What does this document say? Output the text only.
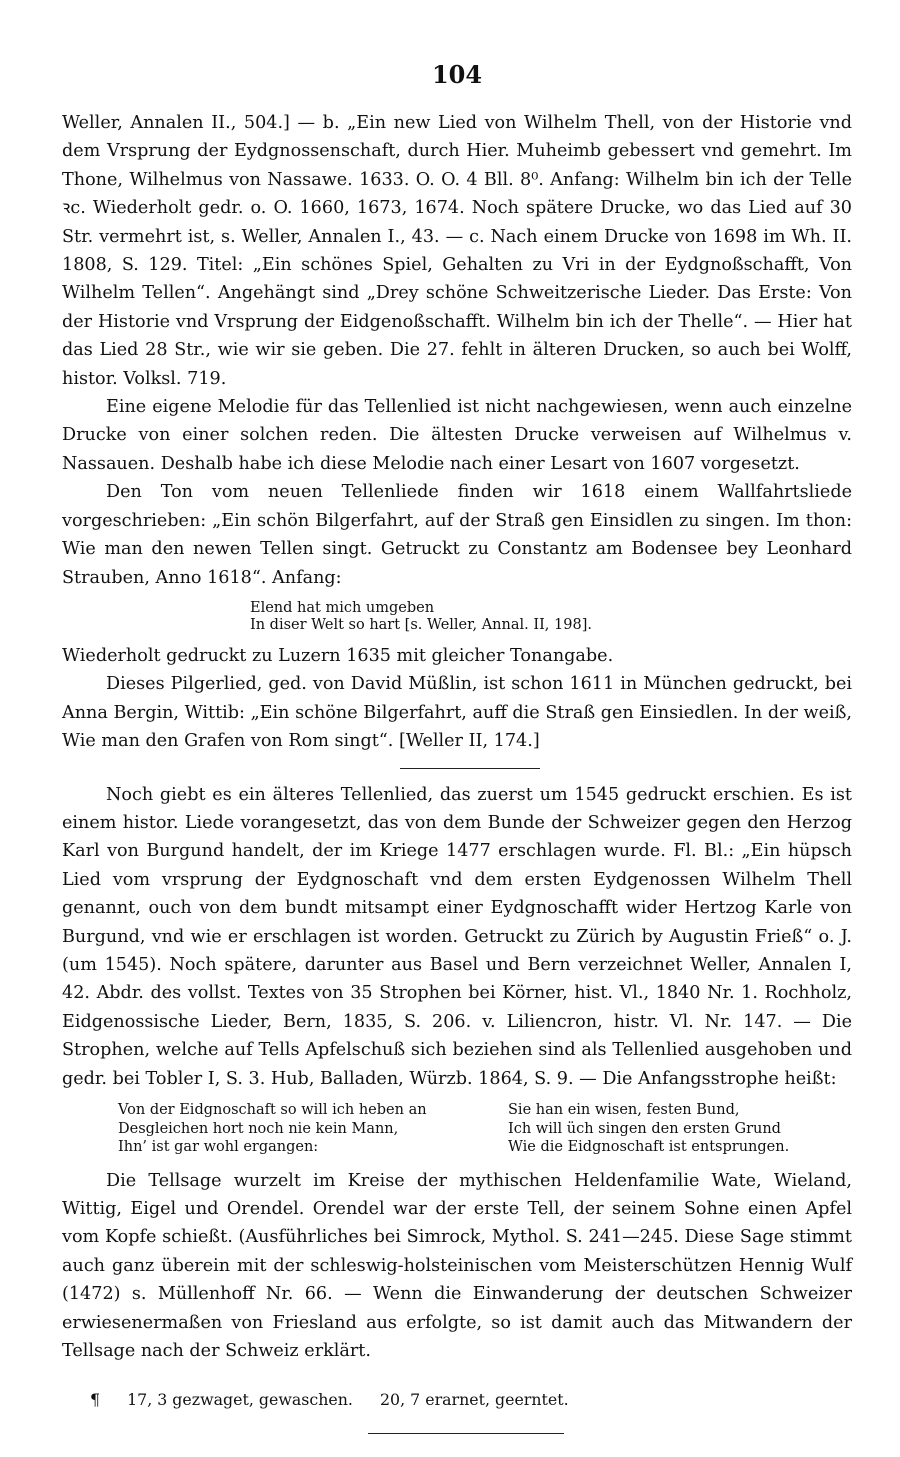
104

Weller, Annalen II., 504.] — b. „Ein new Lied von Wilhelm Thell, von der Historie vnd dem Vrsprung der Eydgnossenschaft, durch Hier. Muheimb gebessert vnd gemehrt. Im Thone, Wilhelmus von Nassawe. 1633. O. O. 4 Bll. 8⁰. Anfang: Wilhelm bin ich der Telle ꝛc. Wiederholt gedr. o. O. 1660, 1673, 1674. Noch spätere Drucke, wo das Lied auf 30 Str. vermehrt ist, s. Weller, Annalen I., 43. — c. Nach einem Drucke von 1698 im Wh. II. 1808, S. 129. Titel: „Ein schönes Spiel, Gehalten zu Vri in der Eydgnoßschafft, Von Wilhelm Tellen“. Angehängt sind „Drey schöne Schweitzerische Lieder. Das Erste: Von der Historie vnd Vrsprung der Eidgenoßschafft. Wilhelm bin ich der Thelle“. — Hier hat das Lied 28 Str., wie wir sie geben. Die 27. fehlt in älteren Drucken, so auch bei Wolff, histor. Volksl. 719.

Eine eigene Melodie für das Tellenlied ist nicht nachgewiesen, wenn auch einzelne Drucke von einer solchen reden. Die ältesten Drucke verweisen auf Wilhelmus v. Nassauen. Deshalb habe ich diese Melodie nach einer Lesart von 1607 vorgesetzt.

Den Ton vom neuen Tellenliede finden wir 1618 einem Wallfahrtsliede vorgeschrieben: „Ein schön Bilgerfahrt, auf der Straß gen Einsidlen zu singen. Im thon: Wie man den newen Tellen singt. Getruckt zu Constantz am Bodensee bey Leonhard Strauben, Anno 1618“. Anfang:

Elend hat mich umgeben
In diser Welt so hart [s. Weller, Annal. II, 198].

Wiederholt gedruckt zu Luzern 1635 mit gleicher Tonangabe.

Dieses Pilgerlied, ged. von David Müßlin, ist schon 1611 in München gedruckt, bei Anna Bergin, Wittib: „Ein schöne Bilgerfahrt, auff die Straß gen Einsiedlen. In der weiß, Wie man den Grafen von Rom singt“. [Weller II, 174.]

Noch giebt es ein älteres Tellenlied, das zuerst um 1545 gedruckt erschien. Es ist einem histor. Liede vorangesetzt, das von dem Bunde der Schweizer gegen den Herzog Karl von Burgund handelt, der im Kriege 1477 erschlagen wurde. Fl. Bl.: „Ein hüpsch Lied vom vrsprung der Eydgnoschaft vnd dem ersten Eydgenossen Wilhelm Thell genannt, ouch von dem bundt mitsampt einer Eydgnoschafft wider Hertzog Karle von Burgund, vnd wie er erschlagen ist worden. Getruckt zu Zürich by Augustin Frieß“ o. J. (um 1545). Noch spätere, darunter aus Basel und Bern verzeichnet Weller, Annalen I, 42. Abdr. des vollst. Textes von 35 Strophen bei Körner, hist. Vl., 1840 Nr. 1. Rochholz, Eidgenossische Lieder, Bern, 1835, S. 206. v. Liliencron, histr. Vl. Nr. 147. — Die Strophen, welche auf Tells Apfelschuß sich beziehen sind als Tellenlied ausgehoben und gedr. bei Tobler I, S. 3. Hub, Balladen, Würzb. 1864, S. 9. — Die Anfangsstrophe heißt:

Von der Eidgnoschaft so will ich heben an
Desgleichen hort noch nie kein Mann,
Ihn’ ist gar wohl ergangen:
Sie han ein wisen, festen Bund,
Ich will üch singen den ersten Grund
Wie die Eidgnoschaft ist entsprungen.

Die Tellsage wurzelt im Kreise der mythischen Heldenfamilie Wate, Wieland, Wittig, Eigel und Orendel. Orendel war der erste Tell, der seinem Sohne einen Apfel vom Kopfe schießt. (Ausführliches bei Simrock, Mythol. S. 241—245. Diese Sage stimmt auch ganz überein mit der schleswig-holsteinischen vom Meisterschützen Hennig Wulf (1472) s. Müllenhoff Nr. 66. — Wenn die Einwanderung der deutschen Schweizer erwiesenermaßen von Friesland aus erfolgte, so ist damit auch das Mitwandern der Tellsage nach der Schweiz erklärt.

¶ 17, 3 gezwaget, gewaschen. 20, 7 erarnet, geerntet.
